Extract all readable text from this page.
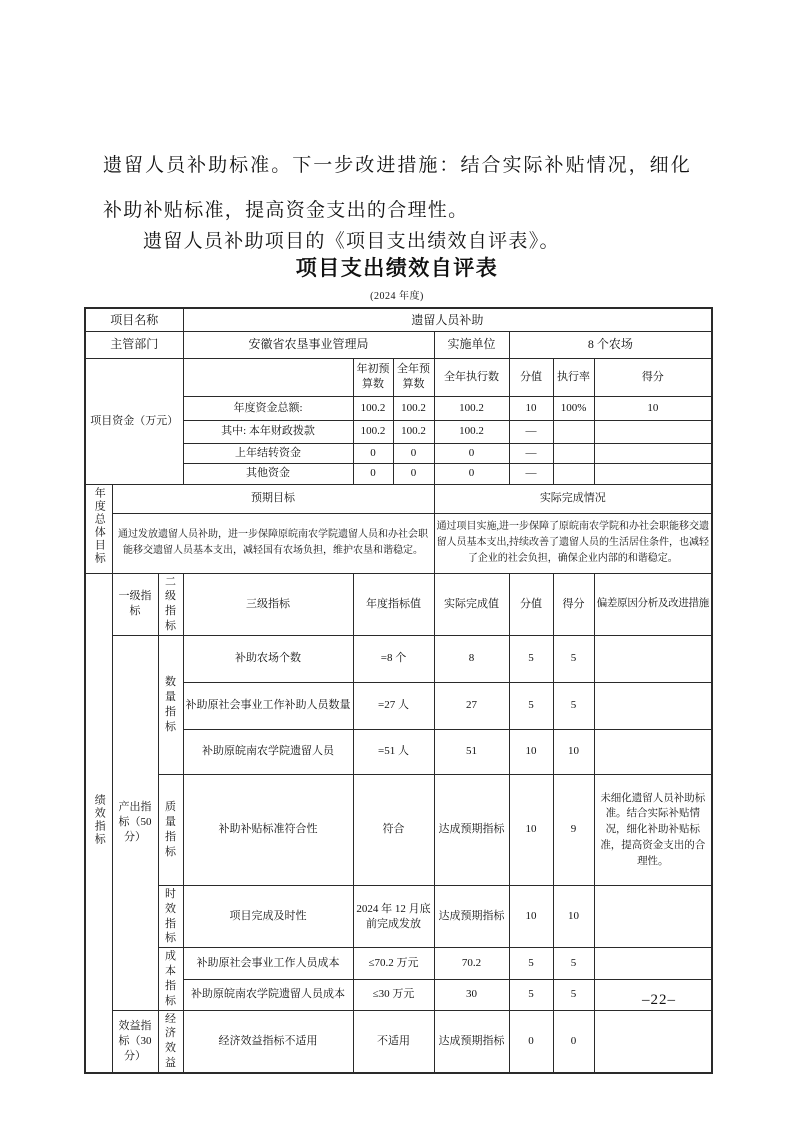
遗留人员补助标准。下一步改进措施：结合实际补贴情况，细化
补助补贴标准，提高资金支出的合理性。
遗留人员补助项目的《项目支出绩效自评表》。
项目支出绩效自评表
(2024 年度)
项目名称			遗留人员补助						
主管部门			安徽省农垦事业管理局			实施单位	8 个农场		
项目资金（万元）				年初预算数	全年预算数	全年执行数	分值	执行率	得分
			年度资金总额:	100.2	100.2	100.2	10	100%	10
			其中: 本年财政拨款	100.2	100.2	100.2	—		
			上年结转资金	0	0	0	—		
			其他资金	0	0	0	—		
年度总体目标	预期目标					实际完成情况			
	通过发放遗留人员补助，进一步保障原皖南农学院遗留人员和办社会职能移交遗留人员基本支出，减轻国有农场负担，维护农垦和谐稳定。					通过项目实施,进一步保障了原皖南农学院和办社会职能移交遗留人员基本支出,持续改善了遗留人员的生活居住条件，也减轻了企业的社会负担，确保企业内部的和谐稳定。			
绩效指标	一级指标	二级指标	三级指标	年度指标值		实际完成值	分值	得分	偏差原因分析及改进措施
	产出指标（50 分）	数量指标	补助农场个数	=8 个		8	5	5	
			补助原社会事业工作补助人员数量	=27 人		27	5	5	
			补助原皖南农学院遗留人员	=51 人		51	10	10	
		质量指标	补助补贴标准符合性	符合		达成预期指标	10	9	未细化遗留人员补助标准。结合实际补贴情况，细化补助补贴标准，提高资金支出的合理性。
		时效指标	项目完成及时性	2024 年 12 月底前完成发放		达成预期指标	10	10	
		成本指标	补助原社会事业工作人员成本	≤70.2 万元		70.2	5	5	
			补助原皖南农学院遗留人员成本	≤30 万元		30	5	5	
	效益指标（30 分）	经济效益	经济效益指标不适用	不适用		达成预期指标	0	0	
–22–
